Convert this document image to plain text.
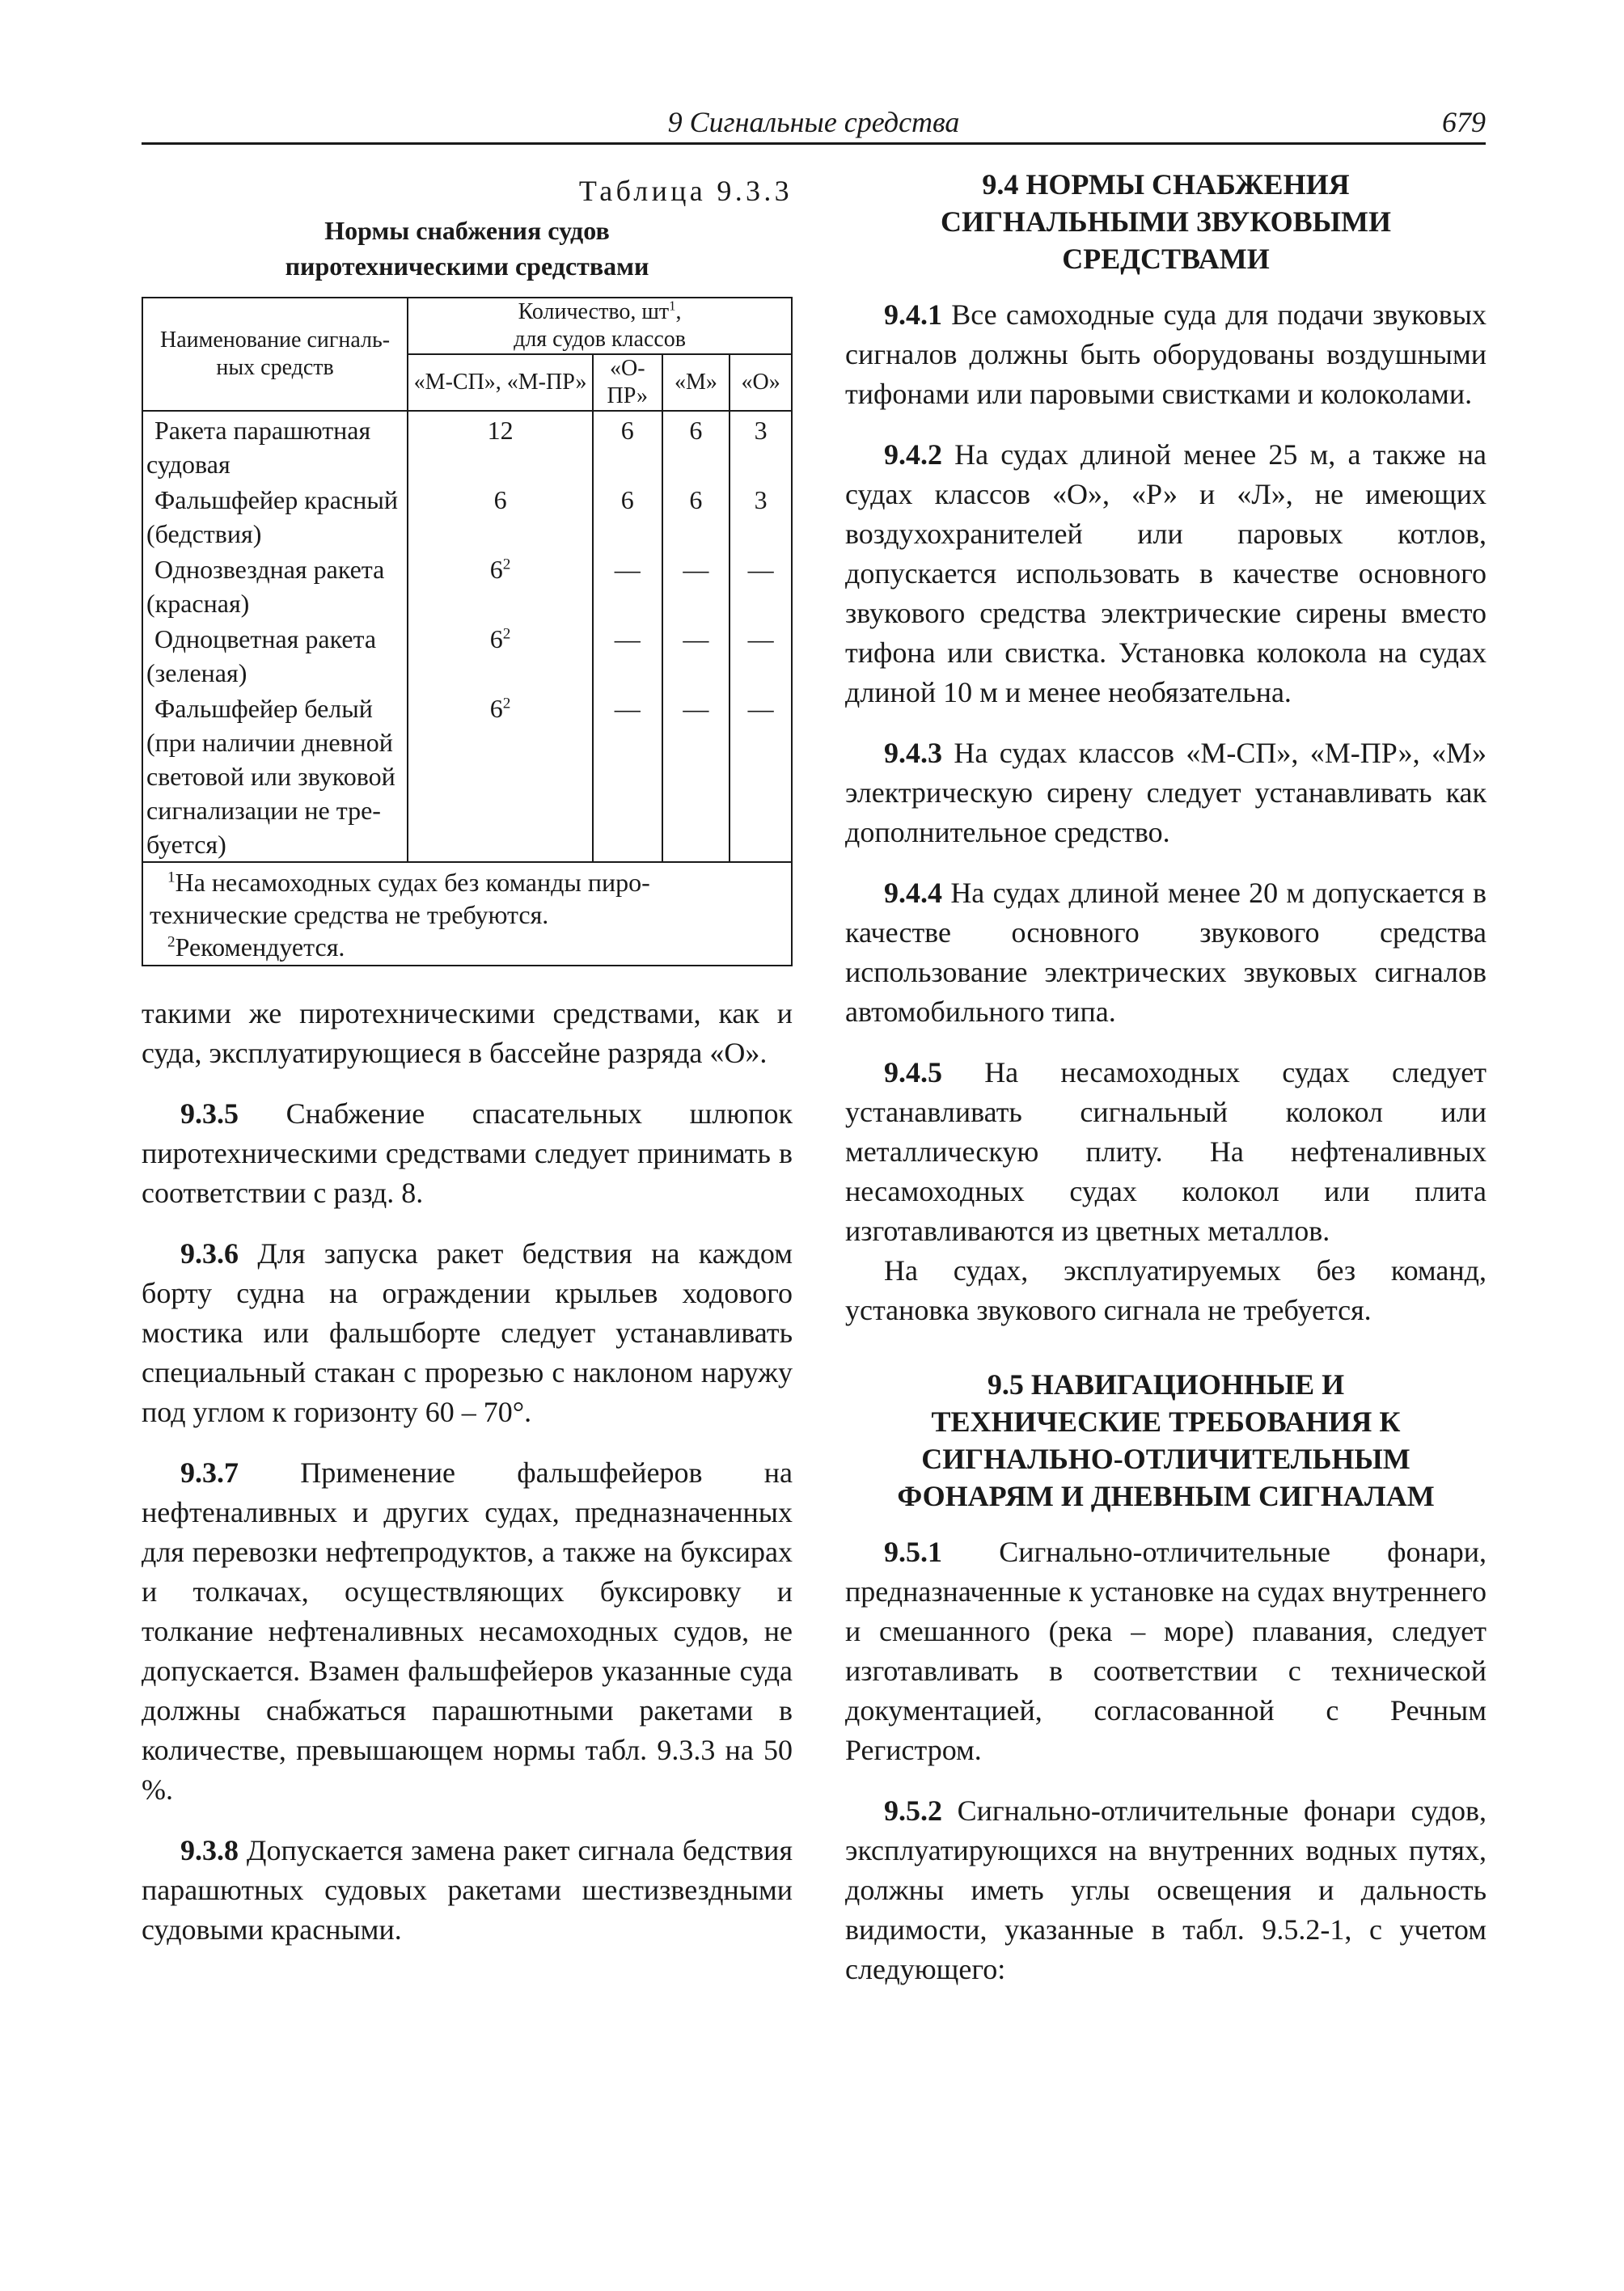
9 Сигнальные средства	679
Таблица 9.3.3
Нормы снабжения судов
пиротехническими средствами
Наименование сигналь-ных средств	Количество, $шт^1$,
для судов классов			
	«М-СП», «М-ПР»	«О-ПР»	«М»	«О»
Ракета парашютная
судовая	12	6	6	3
Фальшфейер красный
(бедствия)	6	6	6	3
Однозвездная ракета
(красная)	$6^2$	—	—	—
Одноцветная ракета
(зеленая)	$6^2$	—	—	—
Фальшфейер белый
(при наличии дневной световой или звуковой сигнализации не тре-буется)	$6^2$	—	—	—

$^1$На несамоходных судах без команды пиро-технические средства не требуются.
$^2$Рекомендуется.				

такими же пиротехническими средствами, как и суда, эксплуатирующиеся в бассейне разряда «О».

9.3.5 Снабжение спасательных шлюпок пиротехническими средствами следует принимать в соответствии с разд. 8.

9.3.6 Для запуска ракет бедствия на каждом борту судна на ограждении крыльев ходового мостика или фальшборте следует устанавливать специальный стакан с прорезью с наклоном наружу под углом к горизонту 60 – 70°.

9.3.7 Применение фальшфейеров на нефтеналивных и других судах, предназначенных для перевозки нефтепродуктов, а также на буксирах и толкачах, осуществляющих буксировку и толкание нефтеналивных несамоходных судов, не допускается. Взамен фальшфейеров указанные суда должны снабжаться парашютными ракетами в количестве, превышающем нормы табл. 9.3.3 на 50 %.

9.3.8 Допускается замена ракет сигнала бедствия парашютных судовых ракетами шестизвездными судовыми красными.

9.4 НОРМЫ СНАБЖЕНИЯ СИГНАЛЬНЫМИ ЗВУКОВЫМИ СРЕДСТВАМИ

9.4.1 Все самоходные суда для подачи звуковых сигналов должны быть оборудованы воздушными тифонами или паровыми свистками и колоколами.

9.4.2 На судах длиной менее 25 м, а также на судах классов «О», «Р» и «Л», не имеющих воздухохранителей или паровых котлов, допускается использовать в качестве основного звукового средства электрические сирены вместо тифона или свистка. Установка колокола на судах длиной 10 м и менее необязательна.

9.4.3 На судах классов «М-СП», «М-ПР», «М» электрическую сирену следует устанавливать как дополнительное средство.

9.4.4 На судах длиной менее 20 м допускается в качестве основного звукового средства использование электрических звуковых сигналов автомобильного типа.

9.4.5 На несамоходных судах следует устанавливать сигнальный колокол или металлическую плиту. На нефтеналивных несамоходных судах колокол или плита изготавливаются из цветных металлов.

На судах, эксплуатируемых без команд, установка звукового сигнала не требуется.

9.5 НАВИГАЦИОННЫЕ И ТЕХНИЧЕСКИЕ ТРЕБОВАНИЯ К СИГНАЛЬНО-ОТЛИЧИТЕЛЬНЫМ ФОНАРЯМ И ДНЕВНЫМ СИГНАЛАМ

9.5.1 Сигнально-отличительные фонари, предназначенные к установке на судах внутреннего и смешанного (река – море) плавания, следует изготавливать в соответствии с технической документацией, согласованной с Речным Регистром.

9.5.2 Сигнально-отличительные фонари судов, эксплуатирующихся на внутренних водных путях, должны иметь углы освещения и дальность видимости, указанные в табл. 9.5.2-1, с учетом следующего:
